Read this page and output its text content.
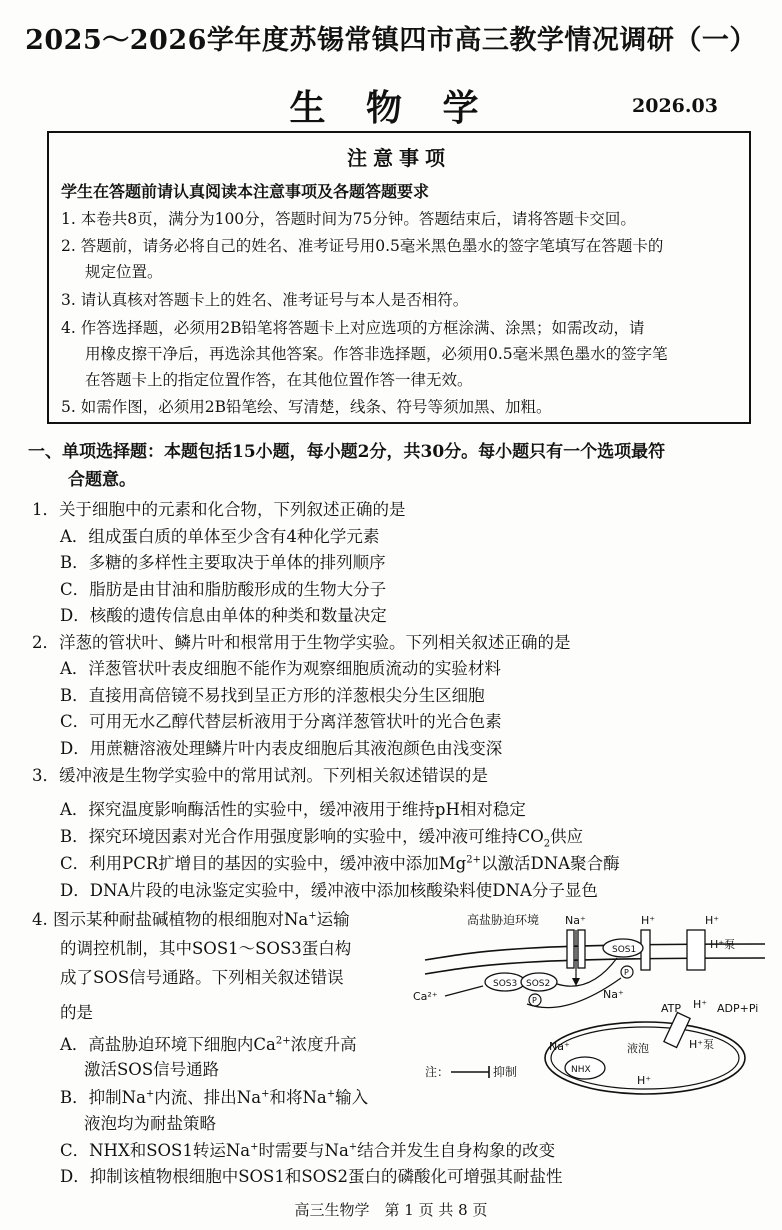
2025～2026学年度苏锡常镇四市高三教学情况调研（一）
生 物 学	2026.03
注意事项
学生在答题前请认真阅读本注意事项及各题答题要求
1. 本卷共8页，满分为100分，答题时间为75分钟。答题结束后，请将答题卡交回。
2. 答题前，请务必将自己的姓名、准考证号用0.5毫米黑色墨水的签字笔填写在答题卡的
规定位置。
3. 请认真核对答题卡上的姓名、准考证号与本人是否相符。
4. 作答选择题，必须用2B铅笔将答题卡上对应选项的方框涂满、涂黑；如需改动，请
用橡皮擦干净后，再选涂其他答案。作答非选择题，必须用0.5毫米黑色墨水的签字笔
在答题卡上的指定位置作答，在其他位置作答一律无效。
5. 如需作图，必须用2B铅笔绘、写清楚，线条、符号等须加黑、加粗。
一、单项选择题：本题包括15小题，每小题2分，共30分。每小题只有一个选项最符
合题意。
1．关于细胞中的元素和化合物，下列叙述正确的是
A．组成蛋白质的单体至少含有4种化学元素
B．多糖的多样性主要取决于单体的排列顺序
C．脂肪是由甘油和脂肪酸形成的生物大分子
D．核酸的遗传信息由单体的种类和数量决定
2．洋葱的管状叶、鳞片叶和根常用于生物学实验。下列相关叙述正确的是
A．洋葱管状叶表皮细胞不能作为观察细胞质流动的实验材料
B．直接用高倍镜不易找到呈正方形的洋葱根尖分生区细胞
C．可用无水乙醇代替层析液用于分离洋葱管状叶的光合色素
D．用蔗糖溶液处理鳞片叶内表皮细胞后其液泡颜色由浅变深
3．缓冲液是生物学实验中的常用试剂。下列相关叙述错误的是
A．探究温度影响酶活性的实验中，缓冲液用于维持pH相对稳定
B．探究环境因素对光合作用强度影响的实验中，缓冲液可维持$CO_2$供应
C．利用PCR扩增目的基因的实验中，缓冲液中添加$Mg^{2+}$以激活DNA聚合酶
D．DNA片段的电泳鉴定实验中，缓冲液中添加核酸染料使DNA分子显色
4. 图示某种耐盐碱植物的根细胞对Na+运输
的调控机制，其中SOS1～SOS3蛋白构
成了SOS信号通路。下列相关叙述错误
的是
A．高盐胁迫环境下细胞内$Ca^{2+}$浓度升高
激活SOS信号通路
B．抑制Na+内流、排出Na+和将Na+输入
液泡均为耐盐策略
C．NHX和SOS1转运Na+时需要与Na+结合并发生自身构象的改变
D．抑制该植物根细胞中SOS1和SOS2蛋白的磷酸化可增强其耐盐性
高盐胁迫环境 Na⁺	H⁺
SOS1
P
Na⁺
H⁺
H⁺泵
ATP H⁺ ADP+Pi
SOS3 SOS2
P
Ca²⁺
液泡	H⁺泵
NHX
Na⁺
H⁺
注：	抑制
高三生物学　第 1 页 共 8 页
